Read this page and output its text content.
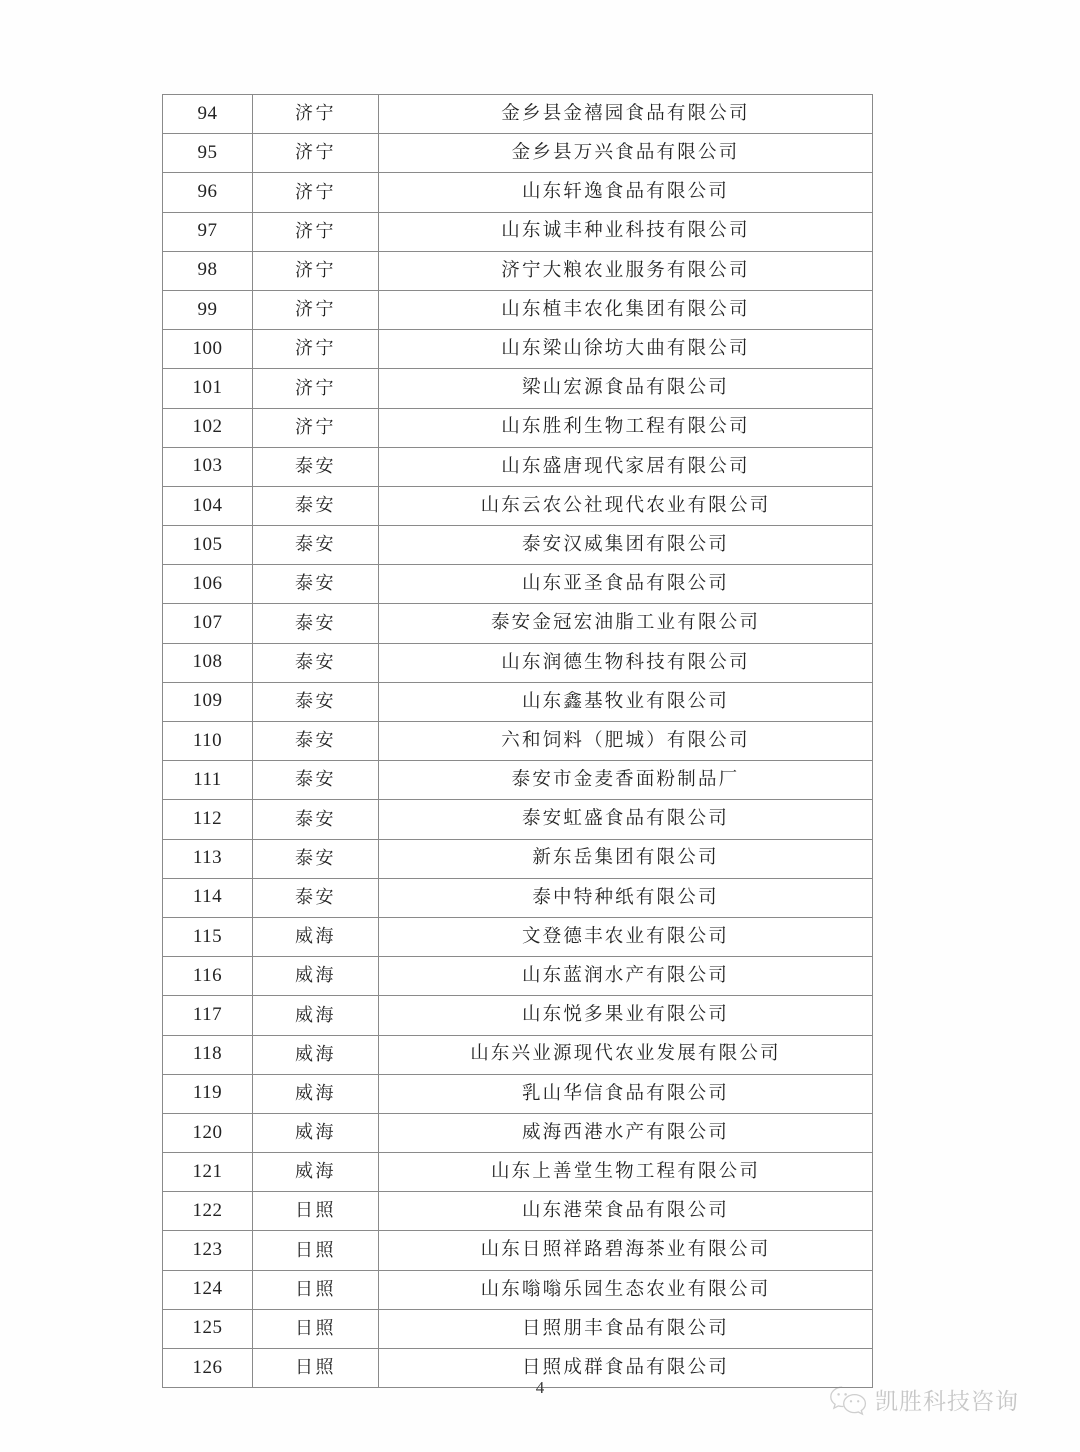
94	济宁	金乡县金禧园食品有限公司
95	济宁	金乡县万兴食品有限公司
96	济宁	山东轩逸食品有限公司
97	济宁	山东诚丰种业科技有限公司
98	济宁	济宁大粮农业服务有限公司
99	济宁	山东植丰农化集团有限公司
100	济宁	山东梁山徐坊大曲有限公司
101	济宁	梁山宏源食品有限公司
102	济宁	山东胜利生物工程有限公司
103	泰安	山东盛唐现代家居有限公司
104	泰安	山东云农公社现代农业有限公司
105	泰安	泰安汉威集团有限公司
106	泰安	山东亚圣食品有限公司
107	泰安	泰安金冠宏油脂工业有限公司
108	泰安	山东润德生物科技有限公司
109	泰安	山东鑫基牧业有限公司
110	泰安	六和饲料（肥城）有限公司
111	泰安	泰安市金麦香面粉制品厂
112	泰安	泰安虹盛食品有限公司
113	泰安	新东岳集团有限公司
114	泰安	泰中特种纸有限公司
115	威海	文登德丰农业有限公司
116	威海	山东蓝润水产有限公司
117	威海	山东悦多果业有限公司
118	威海	山东兴业源现代农业发展有限公司
119	威海	乳山华信食品有限公司
120	威海	威海西港水产有限公司
121	威海	山东上善堂生物工程有限公司
122	日照	山东港荣食品有限公司
123	日照	山东日照祥路碧海茶业有限公司
124	日照	山东嗡嗡乐园生态农业有限公司
125	日照	日照朋丰食品有限公司
126	日照	日照成群食品有限公司
4
凯胜科技咨询
